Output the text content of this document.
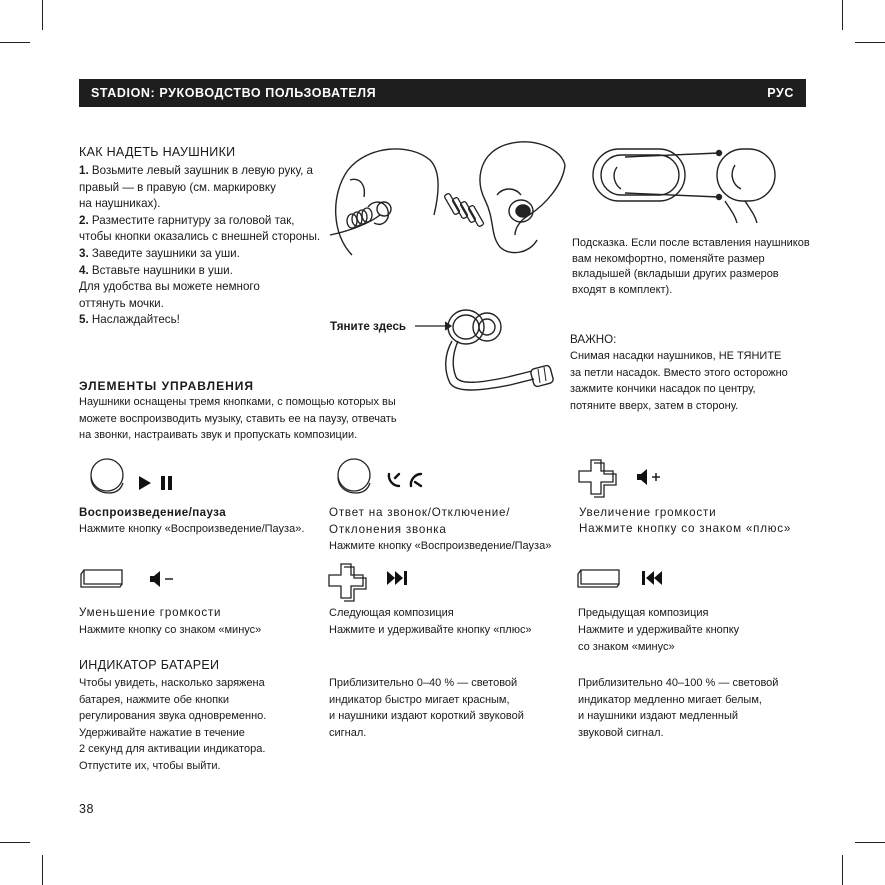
STADION: РУКОВОДСТВО ПОЛЬЗОВАТЕЛЯ	РУС
КАК НАДЕТЬ НАУШНИКИ
1. Возьмите левый заушник в левую руку, а
правый — в правую (см. маркировку
на наушниках).
2. Разместите гарнитуру за головой так,
чтобы кнопки оказались с внешней стороны.
3. Заведите заушники за уши.
4. Вставьте наушники в уши.
Для удобства вы можете немного
оттянуть мочки.
5. Наслаждайтесь!
Подсказка. Если после вставления наушников
вам некомфортно, поменяйте размер
вкладышей (вкладыши других размеров
входят в комплект).
Тяните здесь
ВАЖНО:
Снимая насадки наушников, НЕ ТЯНИТЕ
за петли насадок. Вместо этого осторожно
зажмите кончики насадок по центру,
потяните вверх, затем в сторону.
ЭЛЕМЕНТЫ УПРАВЛЕНИЯ
Наушники оснащены тремя кнопками, с помощью которых вы
можете воспроизводить музыку, ставить ее на паузу, отвечать
на звонки, настраивать звук и пропускать композиции.
Воспроизведение/пауза
Нажмите кнопку «Воспроизведение/Пауза».
Ответ на звонок/Отключение/
Отклонения звонка
Нажмите кнопку «Воспроизведение/Пауза»
Увеличение громкости
Нажмите кнопку со знаком «плюс»
Уменьшение громкости
Нажмите кнопку со знаком «минус»
Следующая композиция
Нажмите и удерживайте кнопку «плюс»
Предыдущая композиция
Нажмите и удерживайте кнопку
со знаком «минус»
ИНДИКАТОР БАТАРЕИ
Чтобы увидеть, насколько заряжена
батарея, нажмите обе кнопки
регулирования звука одновременно.
Удерживайте нажатие в течение
2 секунд для активации индикатора.
Отпустите их, чтобы выйти.
Приблизительно 0–40 % — световой
индикатор быстро мигает красным,
и наушники издают короткий звуковой
сигнал.
Приблизительно 40–100 % — световой
индикатор медленно мигает белым,
и наушники издают медленный
звуковой сигнал.
38
